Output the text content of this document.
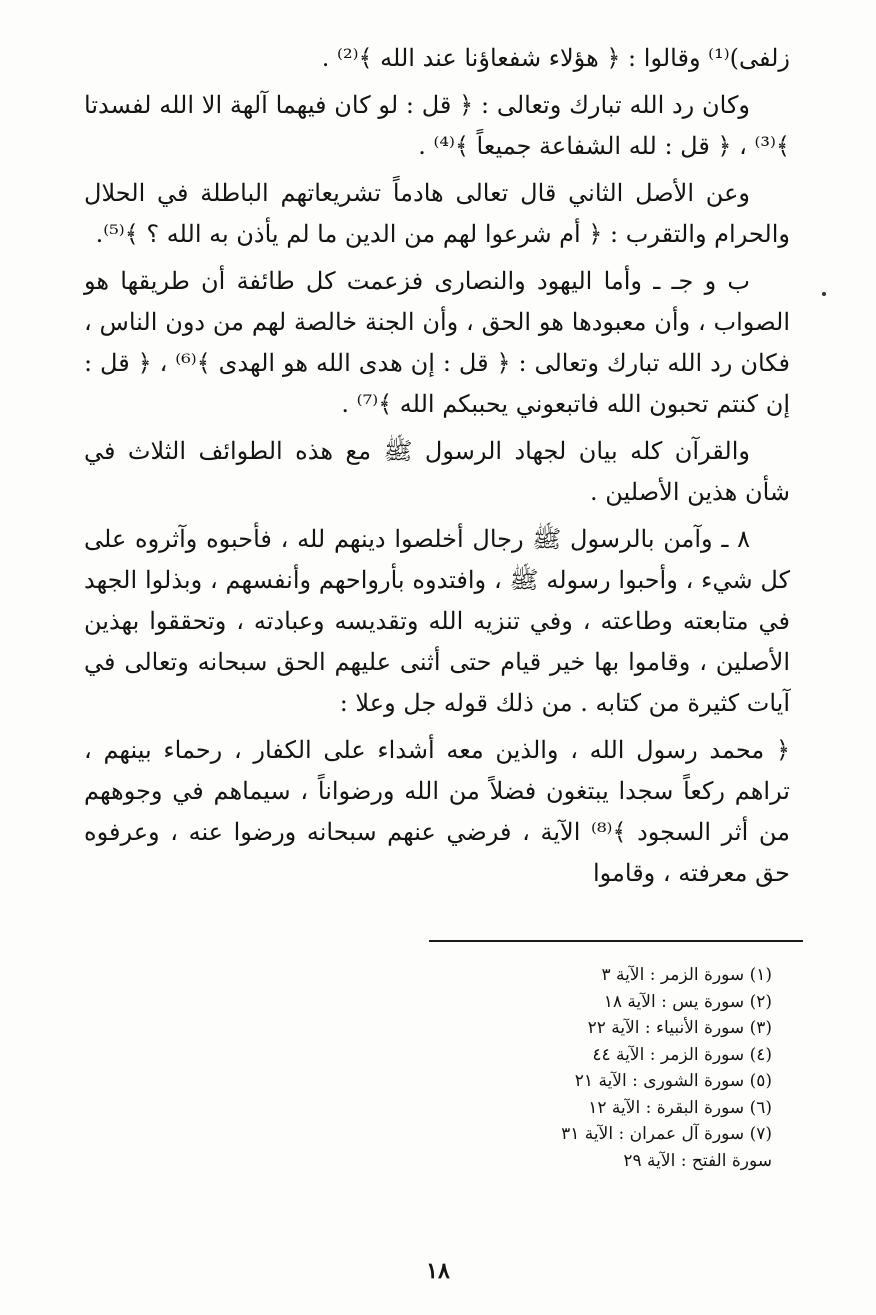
زلفى)⁽¹⁾ وقالوا : ﴿ هؤلاء شفعاؤنا عند الله ﴾⁽²⁾ .

وكان رد الله تبارك وتعالى : ﴿ قل : لو كان فيهما آلهة الا الله لفسدتا ﴾⁽³⁾ ، ﴿ قل : لله الشفاعة جميعاً ﴾⁽⁴⁾ .

وعن الأصل الثاني قال تعالى هادماً تشريعاتهم الباطلة في الحلال والحرام والتقرب : ﴿ أم شرعوا لهم من الدين ما لم يأذن به الله ؟ ﴾⁽⁵⁾.

ب و جـ ـ وأما اليهود والنصارى فزعمت كل طائفة أن طريقها هو الصواب ، وأن معبودها هو الحق ، وأن الجنة خالصة لهم من دون الناس ، فكان رد الله تبارك وتعالى : ﴿ قل : إن هدى الله هو الهدى ﴾⁽⁶⁾ ، ﴿ قل : إن كنتم تحبون الله فاتبعوني يحببكم الله ﴾⁽⁷⁾ .

والقرآن كله بيان لجهاد الرسول ﷺ مع هذه الطوائف الثلاث في شأن هذين الأصلين .

٨ ـ وآمن بالرسول ﷺ رجال أخلصوا دينهم لله ، فأحبوه وآثروه على كل شيء ، وأحبوا رسوله ﷺ ، وافتدوه بأرواحهم وأنفسهم ، وبذلوا الجهد في متابعته وطاعته ، وفي تنزيه الله وتقديسه وعبادته ، وتحققوا بهذين الأصلين ، وقاموا بها خير قيام حتى أثنى عليهم الحق سبحانه وتعالى في آيات كثيرة من كتابه . من ذلك قوله جل وعلا :

﴿ محمد رسول الله ، والذين معه أشداء على الكفار ، رحماء بينهم ، تراهم ركعاً سجدا يبتغون فضلاً من الله ورضواناً ، سيماهم في وجوههم من أثر السجود ﴾⁽⁸⁾ الآية ، فرضي عنهم سبحانه ورضوا عنه ، وعرفوه حق معرفته ، وقاموا

(١) سورة الزمر : الآية ٣
(٢) سورة يس : الآية ١٨
(٣) سورة الأنبياء : الآية ٢٢
(٤) سورة الزمر : الآية ٤٤
(٥) سورة الشورى : الآية ٢١
(٦) سورة البقرة : الآية ١٢
(٧) سورة آل عمران : الآية ٣١
سورة الفتح : الآية ٢٩
١٨
